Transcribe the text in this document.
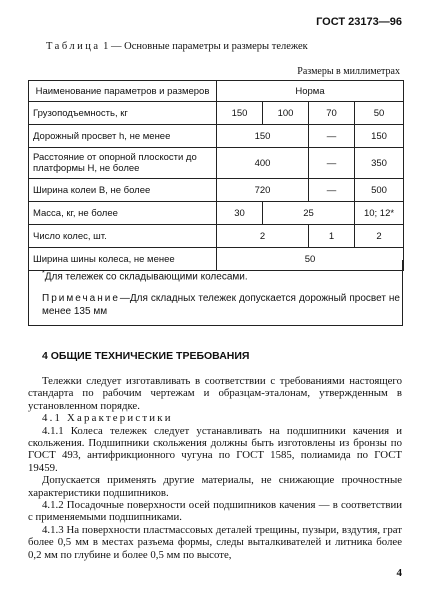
ГОСТ 23173—96
Таблица 1 — Основные параметры и размеры тележек
Размеры в миллиметрах
Наименование параметров и размеров	Норма			
Грузоподъемность, кг	150	100	70	50
Дорожный просвет h, не менее	150		—	150
Расстояние от опорной плоскости до платформы H, не более	400		—	350
Ширина колеи B, не более	720		—	500
Масса, кг, не более	30	25		10; 12*
Число колес, шт.	2		1	2
Ширина шины колеса, не менее	50			
*Для тележек со складывающими колесами.
Примечание—Для складных тележек допускается дорожный просвет не менее 135 мм
4 ОБЩИЕ ТЕХНИЧЕСКИЕ ТРЕБОВАНИЯ

Тележки следует изготавливать в соответствии с требованиями настоящего стандарта по рабочим чертежам и образцам-эталонам, утвержденным в установленном порядке.

4.1 Характеристики

4.1.1 Колеса тележек следует устанавливать на подшипники качения и скольжения. Подшипники скольжения должны быть изготовлены из бронзы по ГОСТ 493, антифрикционного чугуна по ГОСТ 1585, полиамида по ГОСТ 19459.

Допускается применять другие материалы, не снижающие прочностные характеристики подшипников.

4.1.2 Посадочные поверхности осей подшипников качения — в соответствии с применяемыми подшипниками.

4.1.3 На поверхности пластмассовых деталей трещины, пузыри, вздутия, грат более 0,5 мм в местах разъема формы, следы выталкивателей и литника более 0,2 мм по глубине и более 0,5 мм по высоте,

4
